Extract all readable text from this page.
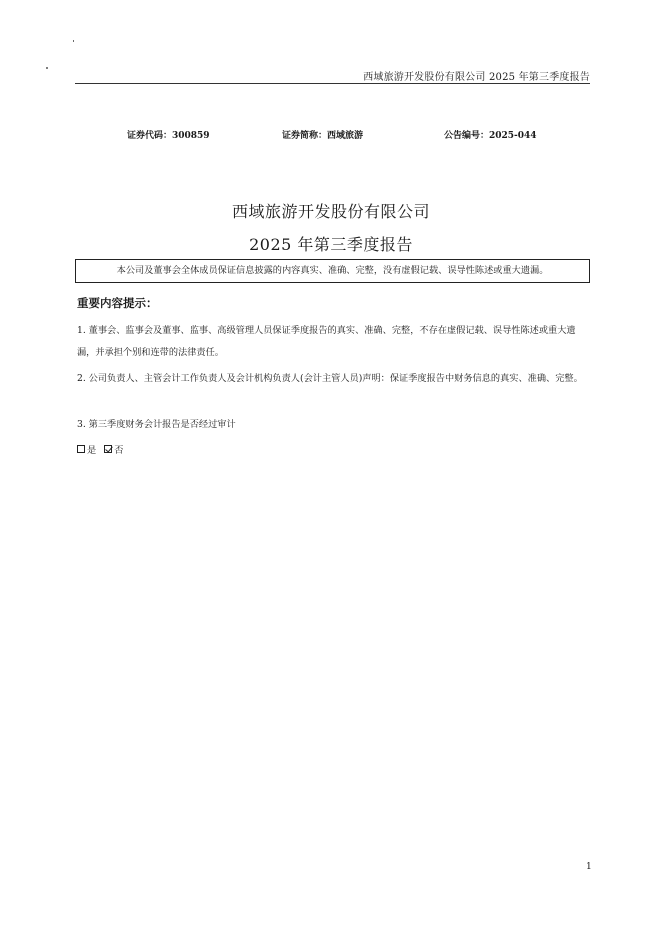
西域旅游开发股份有限公司 2025 年第三季度报告
证券代码：300859	证券简称：西域旅游	公告编号：2025-044
西域旅游开发股份有限公司
2025 年第三季度报告
本公司及董事会全体成员保证信息披露的内容真实、准确、完整，没有虚假记载、误导性陈述或重大遗漏。
重要内容提示：
1. 董事会、监事会及董事、监事、高级管理人员保证季度报告的真实、准确、完整，不存在虚假记载、误导性陈述或重大遗漏，并承担个别和连带的法律责任。
2. 公司负责人、主管会计工作负责人及会计机构负责人(会计主管人员)声明：保证季度报告中财务信息的真实、准确、完整。
3. 第三季度财务会计报告是否经过审计
是 否
1
